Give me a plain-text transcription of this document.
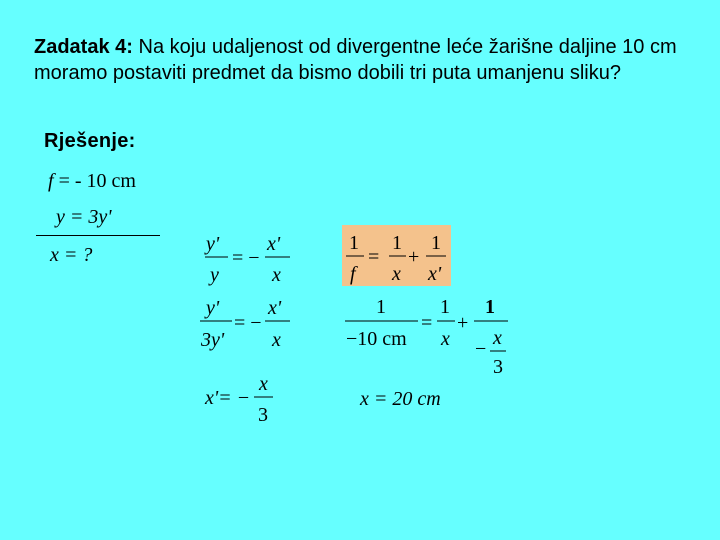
Zadatak 4: Na koju udaljenost od divergentne leće žarišne daljine 10 cm moramo postaviti predmet da bismo dobili tri puta umanjenu sliku?
Rješenje:
f = - 10 cm
y = 3y'
x = ?	y'
y
= −
x'
x
y'
3y'
= −
x'
x
x'= −
x
3
1
f
=
1
x
+
1
x'
1
−10 cm
=
1
x
+
1
− x
3
x = 20 cm
